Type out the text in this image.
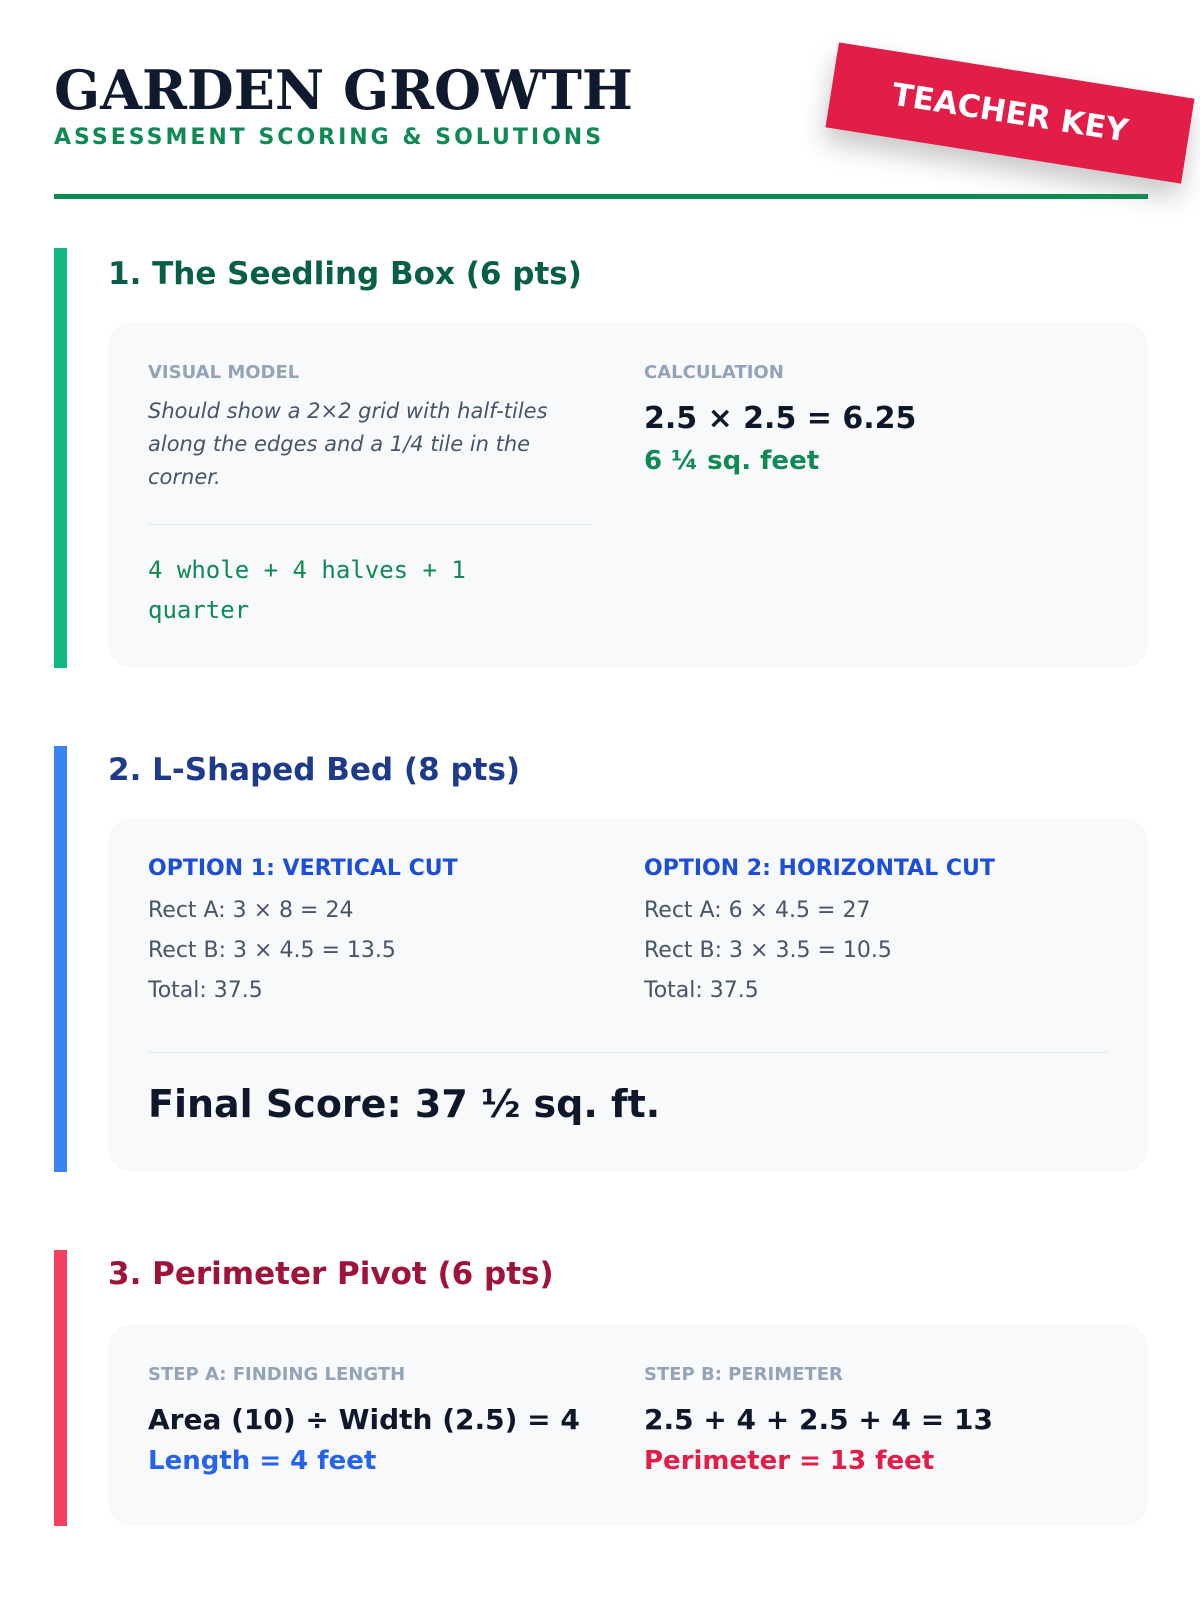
GARDEN GROWTH
ASSESSMENT SCORING & SOLUTIONS	TEACHER KEY
1. The Seedling Box (6 pts)
VISUAL MODEL
Should show a 2×2 grid with half-tiles along the edges and a 1/4 tile in the corner.
4 whole + 4 halves + 1 quarter
CALCULATION
2.5 × 2.5 = 6.25
6 ¼ sq. feet
2. L-Shaped Bed (8 pts)
OPTION 1: VERTICAL CUT
Rect A: 3 × 8 = 24
Rect B: 3 × 4.5 = 13.5
Total: 37.5
OPTION 2: HORIZONTAL CUT
Rect A: 6 × 4.5 = 27
Rect B: 3 × 3.5 = 10.5
Total: 37.5
Final Score: 37 ½ sq. ft.
3. Perimeter Pivot (6 pts)
STEP A: FINDING LENGTH
Area (10) ÷ Width (2.5) = 4
Length = 4 feet
STEP B: PERIMETER
2.5 + 4 + 2.5 + 4 = 13
Perimeter = 13 feet
